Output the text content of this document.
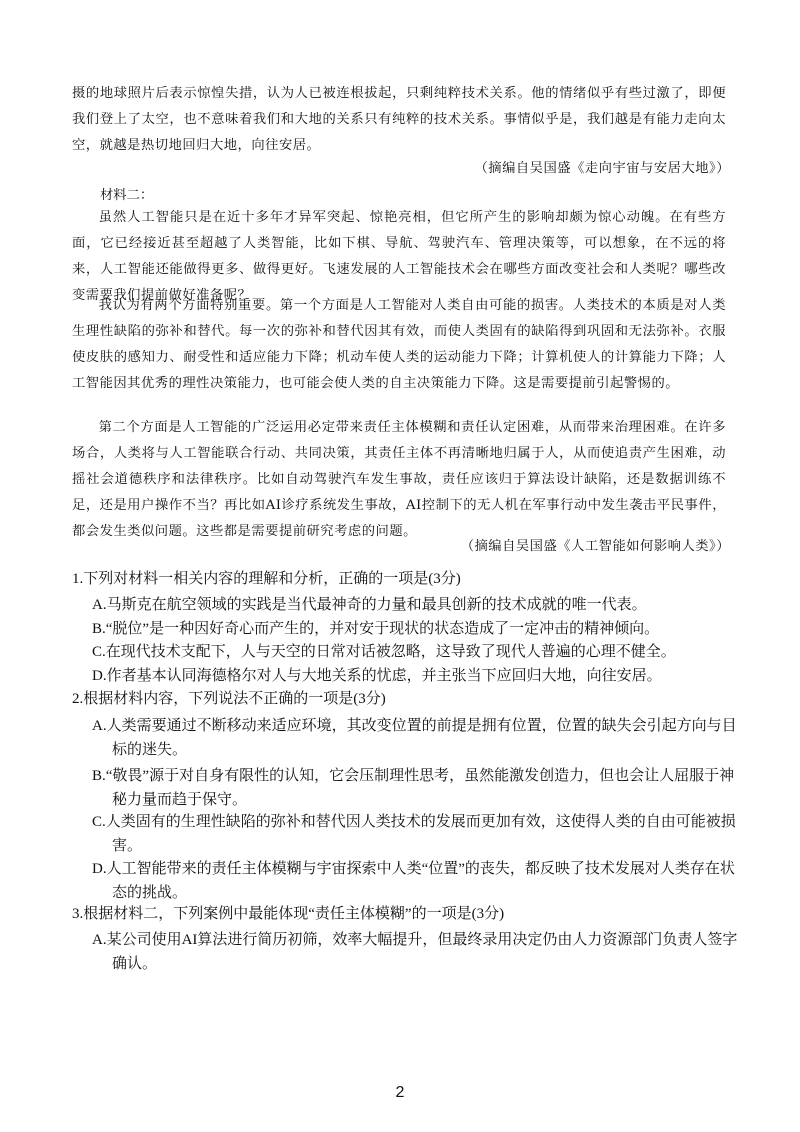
摄的地球照片后表示惊惶失措，认为人已被连根拔起，只剩纯粹技术关系。他的情绪似乎有些过激了，即便我们登上了太空，也不意味着我们和大地的关系只有纯粹的技术关系。事情似乎是，我们越是有能力走向太空，就越是热切地回归大地，向往安居。

（摘编自吴国盛《走向宇宙与安居大地》）
材料二：

虽然人工智能只是在近十多年才异军突起、惊艳亮相，但它所产生的影响却颇为惊心动魄。在有些方面，它已经接近甚至超越了人类智能，比如下棋、导航、驾驶汽车、管理决策等，可以想象，在不远的将来，人工智能还能做得更多、做得更好。飞速发展的人工智能技术会在哪些方面改变社会和人类呢？哪些改变需要我们提前做好准备呢？

我认为有两个方面特别重要。第一个方面是人工智能对人类自由可能的损害。人类技术的本质是对人类生理性缺陷的弥补和替代。每一次的弥补和替代因其有效，而使人类固有的缺陷得到巩固和无法弥补。衣服使皮肤的感知力、耐受性和适应能力下降；机动车使人类的运动能力下降；计算机使人的计算能力下降；人工智能因其优秀的理性决策能力，也可能会使人类的自主决策能力下降。这是需要提前引起警惕的。

第二个方面是人工智能的广泛运用必定带来责任主体模糊和责任认定困难，从而带来治理困难。在许多场合，人类将与人工智能联合行动、共同决策，其责任主体不再清晰地归属于人，从而使追责产生困难，动摇社会道德秩序和法律秩序。比如自动驾驶汽车发生事故，责任应该归于算法设计缺陷，还是数据训练不足，还是用户操作不当？再比如AI诊疗系统发生事故，AI控制下的无人机在军事行动中发生袭击平民事件，都会发生类似问题。这些都是需要提前研究考虑的问题。

（摘编自吴国盛《人工智能如何影响人类》）
1.下列对材料一相关内容的理解和分析，正确的一项是(3分)

A.马斯克在航空领域的实践是当代最神奇的力量和最具创新的技术成就的唯一代表。

B.“脱位”是一种因好奇心而产生的，并对安于现状的状态造成了一定冲击的精神倾向。

C.在现代技术支配下，人与天空的日常对话被忽略，这导致了现代人普遍的心理不健全。

D.作者基本认同海德格尔对人与大地关系的忧虑，并主张当下应回归大地，向往安居。

2.根据材料内容，下列说法不正确的一项是(3分)

A.人类需要通过不断移动来适应环境，其改变位置的前提是拥有位置，位置的缺失会引起方向与目标的迷失。

B.“敬畏”源于对自身有限性的认知，它会压制理性思考，虽然能激发创造力，但也会让人屈服于神秘力量而趋于保守。

C.人类固有的生理性缺陷的弥补和替代因人类技术的发展而更加有效，这使得人类的自由可能被损害。

D.人工智能带来的责任主体模糊与宇宙探索中人类“位置”的丧失，都反映了技术发展对人类存在状态的挑战。

3.根据材料二，下列案例中最能体现“责任主体模糊”的一项是(3分)

A.某公司使用AI算法进行简历初筛，效率大幅提升，但最终录用决定仍由人力资源部门负责人签字确认。

2
